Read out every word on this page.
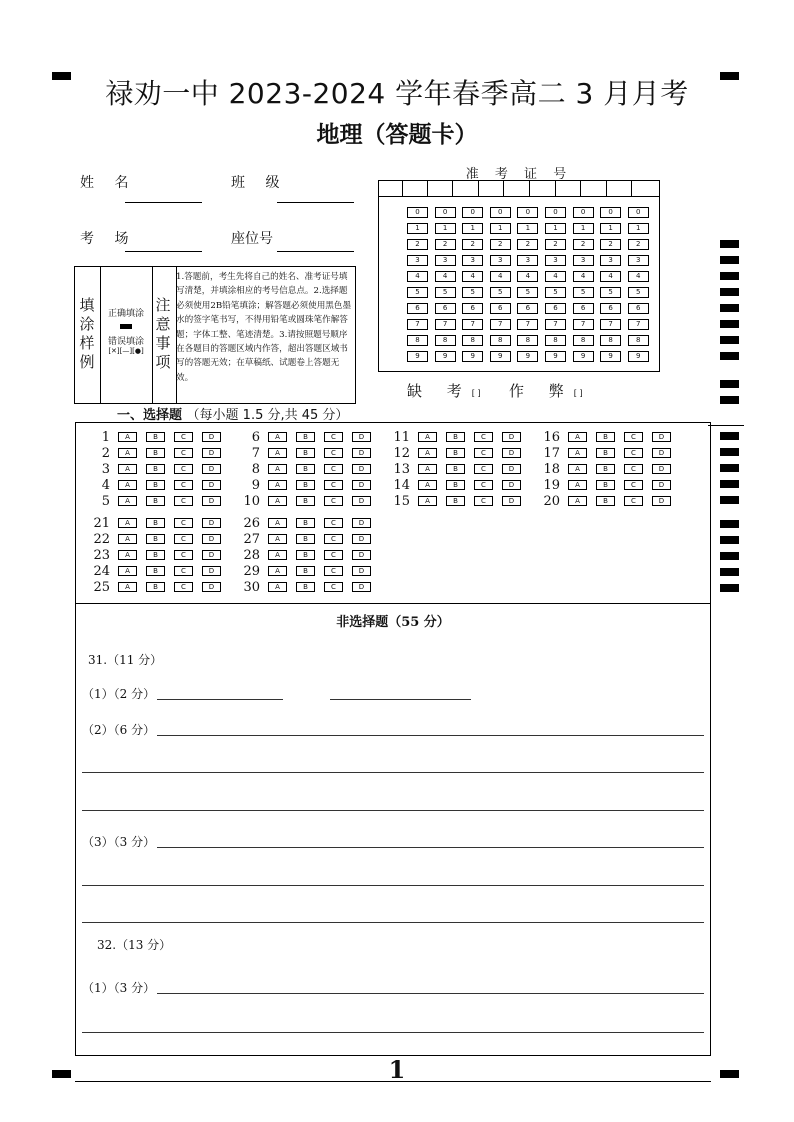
禄劝一中 2023-2024 学年春季高二 3 月月考
地理（答题卡）
姓 名	班 级
考 场	座位号
准 考 证 号
0	0	0	0	0	0	0	0	0
1	1	1	1	1	1	1	1	1
2	2	2	2	2	2	2	2	2
3	3	3	3	3	3	3	3	3
4	4	4	4	4	4	4	4	4
5	5	5	5	5	5	5	5	5
6	6	6	6	6	6	6	6	6
7	7	7	7	7	7	7	7	7
8	8	8	8	8	8	8	8	8
9	9	9	9	9	9	9	9	9
缺 考[ ] 作 弊[ ]
填
涂
样
例
正确填涂
错误填涂
[✕][—][●]
注
意
事
项
1.答题前，考生先将自己的姓名、准考证号填写清楚，并填涂相应的考号信息点。2.选择题必须使用2B铅笔填涂；解答题必须使用黑色墨水的签字笔书写，不得用铅笔或圆珠笔作解答题；字体工整、笔迹清楚。3.请按照题号顺序在各题目的答题区域内作答，超出答题区域书写的答题无效；在草稿纸、试题卷上答题无效。
一、选择题 （每小题 1.5 分,共 45 分）
1	A	B	C	D
2	A	B	C	D
3	A	B	C	D
4	A	B	C	D
5	A	B	C	D
6	A	B	C	D
7	A	B	C	D
8	A	B	C	D
9	A	B	C	D
10	A	B	C	D
11	A	B	C	D
12	A	B	C	D
13	A	B	C	D
14	A	B	C	D
15	A	B	C	D
16	A	B	C	D
17	A	B	C	D
18	A	B	C	D
19	A	B	C	D
20	A	B	C	D
21	A	B	C	D
22	A	B	C	D
23	A	B	C	D
24	A	B	C	D
25	A	B	C	D
26	A	B	C	D
27	A	B	C	D
28	A	B	C	D
29	A	B	C	D
30	A	B	C	D
非选择题（55 分）
31.（11 分）
（1）（2 分）
（2）（6 分）
（3）（3 分）
32.（13 分）
（1）（3 分）
1
